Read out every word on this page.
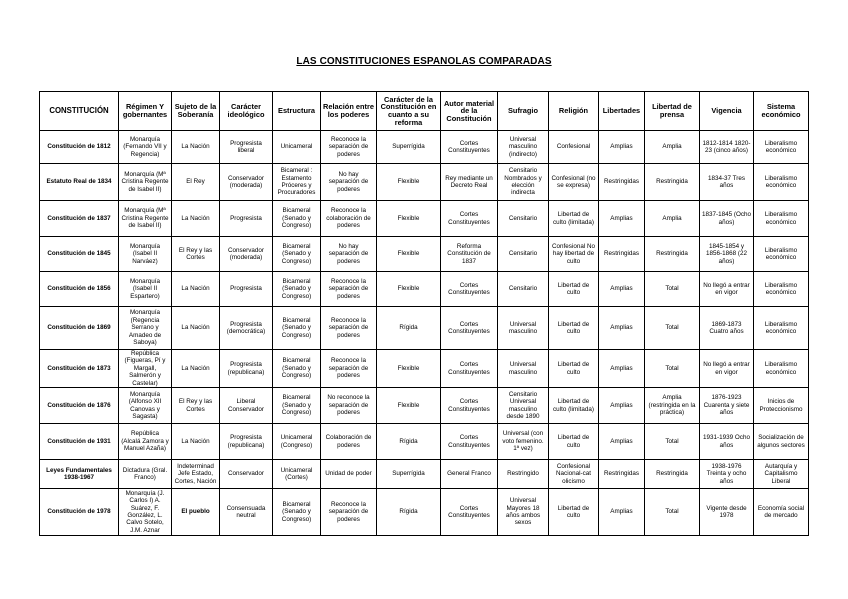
LAS CONSTITUCIONES ESPANOLAS COMPARADAS
CONSTITUCIÓN	Régimen Y gobernantes	Sujeto de la Soberanía	Carácter ideológico	Estructura	Relación entre los poderes	Carácter de la Constitución en cuanto a su reforma	Autor material de la Constitución	Sufragio	Religión	Libertades	Libertad de prensa	Vigencia	Sistema económico
Constitución de 1812	Monarquía (Fernando VII y Regencia)	La Nación	Progresista liberal	Unicameral	Reconoce la separación de poderes	Superrígida	Cortes Constituyentes	Universal masculino (indirecto)	Confesional	Amplias	Amplia	1812-1814 1820-23 (cinco años)	Liberalismo económico
Estatuto Real de 1834	Monarquía (Mª Cristina Regente de Isabel II)	El Rey	Conservador (moderada)	Bicameral : Estamento Próceres y Procuradores	No hay separación de poderes	Flexible	Rey mediante un Decreto Real	Censitario Nombrados y elección indirecta	Confesional (no se expresa)	Restringidas	Restringida	1834-37 Tres años	Liberalismo económico
Constitución de 1837	Monarquía (Mª Cristina Regente de Isabel II)	La Nación	Progresista	Bicameral (Senado y Congreso)	Reconoce la colaboración de poderes	Flexible	Cortes Constituyentes	Censitario	Libertad de culto (limitada)	Amplias	Amplia	1837-1845 (Ocho años)	Liberalismo económico
Constitución de 1845	Monarquía (Isabel II Narváez)	El Rey y las Cortes	Conservador (moderada)	Bicameral (Senado y Congreso)	No hay separación de poderes	Flexible	Reforma Constitución de 1837	Censitario	Confesional No hay libertad de culto	Restringidas	Restringida	1845-1854 y 1856-1868 (22 años)	Liberalismo económico
Constitución de 1856	Monarquía (Isabel II Espartero)	La Nación	Progresista	Bicameral (Senado y Congreso)	Reconoce la separación de poderes	Flexible	Cortes Constituyentes	Censitario	Libertad de culto	Amplias	Total	No llegó a entrar en vigor	Liberalismo económico
Constitución de 1869	Monarquía (Regencia Serrano y Amadeo de Saboya)	La Nación	Progresista (democrática)	Bicameral (Senado y Congreso)	Reconoce la separación de poderes	Rígida	Cortes Constituyentes	Universal masculino	Libertad de culto	Amplias	Total	1869-1873 Cuatro años	Liberalismo económico
Constitución de 1873	República (Figueras, Pí y Margall, Salmerón y Castelar)	La Nación	Progresista (republicana)	Bicameral (Senado y Congreso)	Reconoce la separación de poderes	Flexible	Cortes Constituyentes	Universal masculino	Libertad de culto	Amplias	Total	No llegó a entrar en vigor	Liberalismo económico
Constitución de 1876	Monarquía (Alfonso XII Canovas y Sagasta)	El Rey y las Cortes	Liberal Conservador	Bicameral (Senado y Congreso)	No reconoce la separación de poderes	Flexible	Cortes Constituyentes	Censitario Universal masculino desde 1890	Libertad de culto (limitada)	Amplias	Amplia (restringida en la práctica)	1876-1923 Cuarenta y siete años	Inicios de Proteccionismo
Constitución de 1931	República (Alcalá Zamora y Manuel Azaña)	La Nación	Progresista (republicana)	Unicameral (Congreso)	Colaboración de poderes	Rígida	Cortes Constituyentes	Universal (con voto femenino. 1ª vez)	Libertad de culto	Amplias	Total	1931-1939 Ocho años	Socialización de algunos sectores
Leyes Fundamentales 1938-1967	Dictadura (Gral. Franco)	Indeterminad Jefe Estado, Cortes, Nación	Conservador	Unicameral (Cortes)	Unidad de poder	Superrígida	General Franco	Restringido	Confesional Nacional-cat olicismo	Restringidas	Restringida	1938-1976 Treinta y ocho años	Autarquía y Capitalismo Liberal
Constitución de 1978	Monarquía (J. Carlos I) A. Suárez, F. González, L. Calvo Sotelo, J.M. Aznar	El pueblo	Consensuada neutral	Bicameral (Senado y Congreso)	Reconoce la separación de poderes	Rígida	Cortes Constituyentes	Universal Mayores 18 años ambos sexos	Libertad de culto	Amplias	Total	Vigente desde 1978	Economía social de mercado
